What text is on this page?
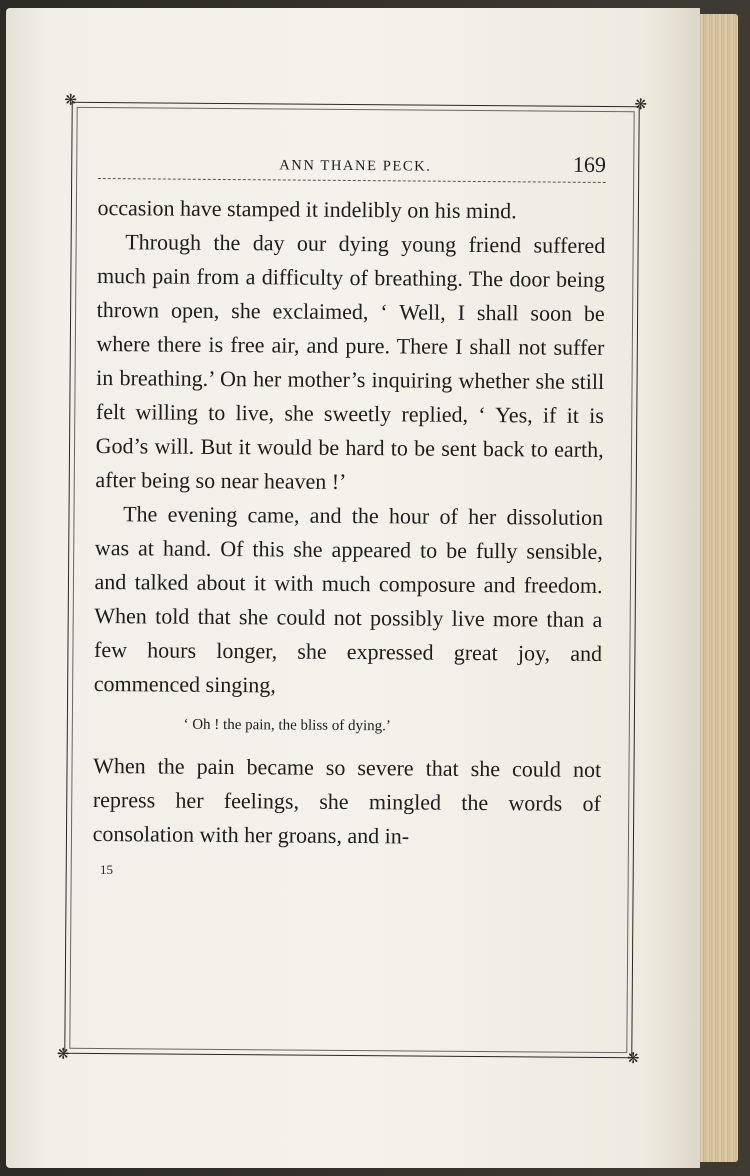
❋	❋
❋	❋
ANN THANE PECK.	169

occasion have stamped it indelibly on his mind.

Through the day our dying young friend suffered much pain from a difficulty of breathing. The door being thrown open, she exclaimed, ‘ Well, I shall soon be where there is free air, and pure. There I shall not suffer in breathing.’ On her mother’s inquiring whether she still felt willing to live, she sweetly replied, ‘ Yes, if it is God’s will. But it would be hard to be sent back to earth, after being so near heaven !’

The evening came, and the hour of her dissolution was at hand. Of this she appeared to be fully sensible, and talked about it with much composure and freedom. When told that she could not possibly live more than a few hours longer, she expressed great joy, and commenced singing,

‘ Oh ! the pain, the bliss of dying.’

When the pain became so severe that she could not repress her feelings, she mingled the words of consolation with her groans, and in-

15
